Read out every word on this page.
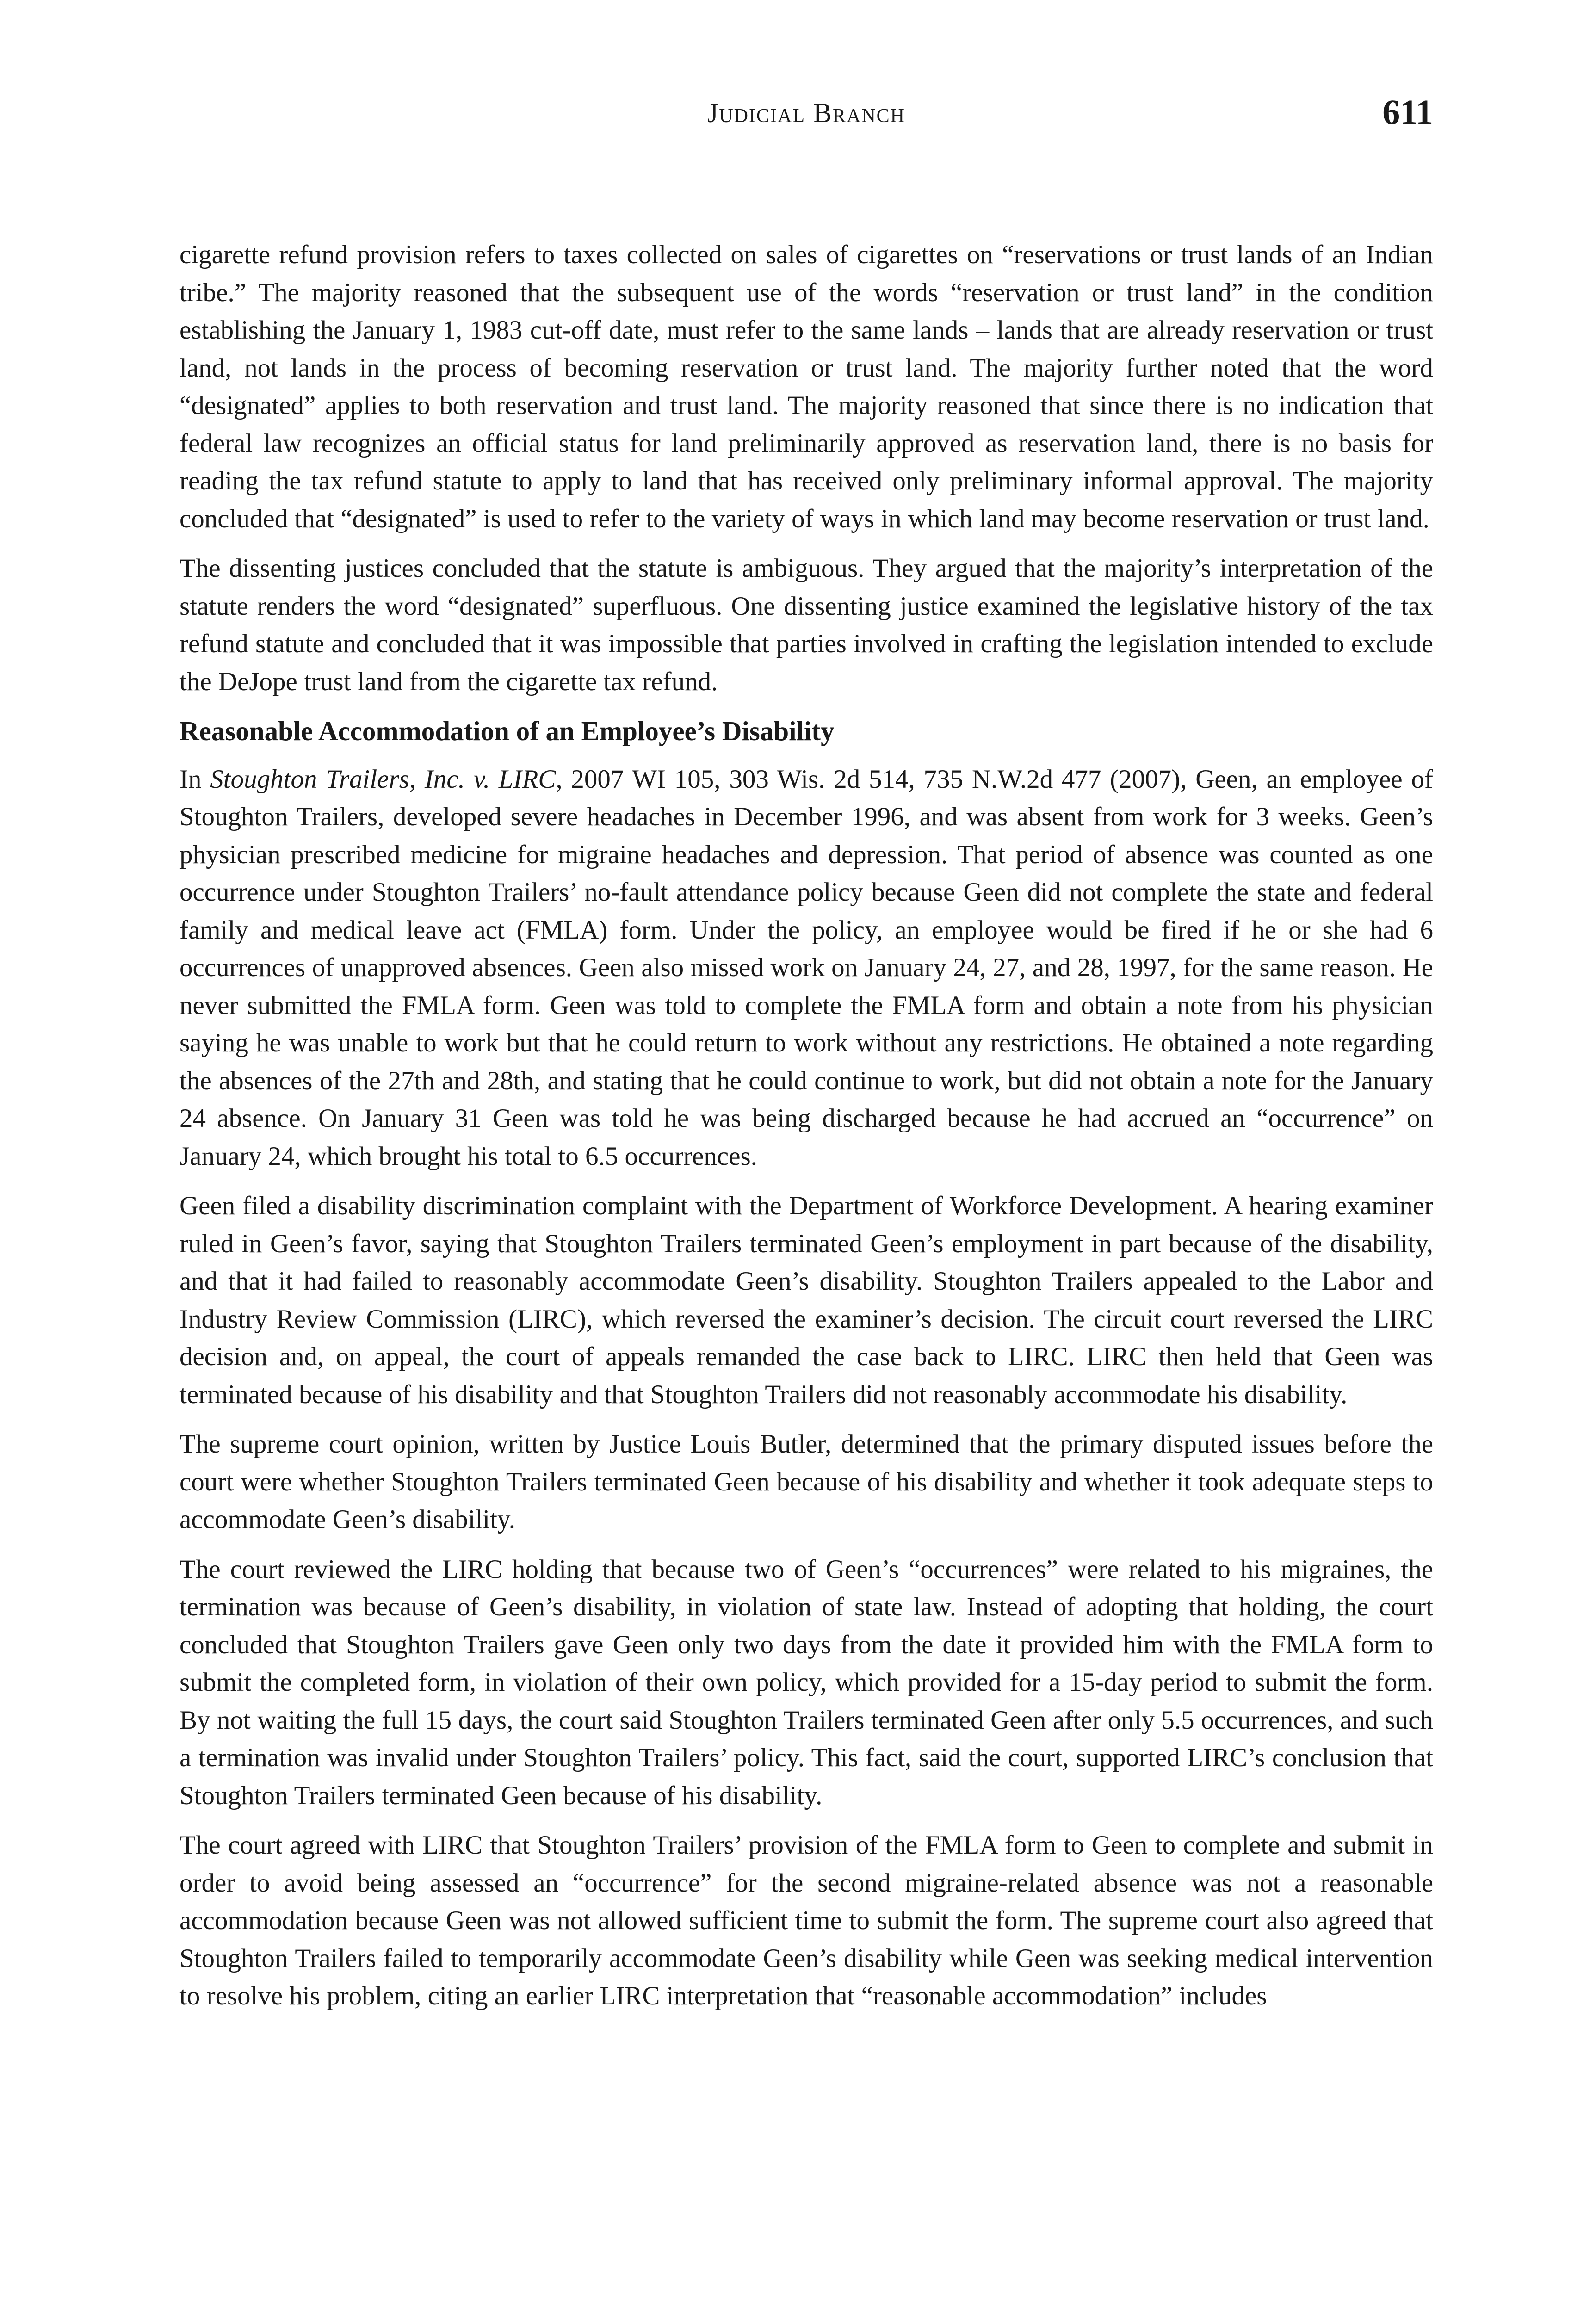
Judicial Branch	611

cigarette refund provision refers to taxes collected on sales of cigarettes on “reservations or trust lands of an Indian tribe.” The majority reasoned that the subsequent use of the words “reservation or trust land” in the condition establishing the January 1, 1983 cut-off date, must refer to the same lands – lands that are already reservation or trust land, not lands in the process of becoming reservation or trust land. The majority further noted that the word “designated” applies to both reservation and trust land. The majority reasoned that since there is no indication that federal law recognizes an official status for land preliminarily approved as reservation land, there is no basis for reading the tax refund statute to apply to land that has received only preliminary informal approval. The majority concluded that “designated” is used to refer to the variety of ways in which land may become reservation or trust land.

The dissenting justices concluded that the statute is ambiguous. They argued that the majority’s interpretation of the statute renders the word “designated” superfluous. One dissenting justice examined the legislative history of the tax refund statute and concluded that it was impossible that parties involved in crafting the legislation intended to exclude the DeJope trust land from the cigarette tax refund.

Reasonable Accommodation of an Employee’s Disability

In Stoughton Trailers, Inc. v. LIRC, 2007 WI 105, 303 Wis. 2d 514, 735 N.W.2d 477 (2007), Geen, an employee of Stoughton Trailers, developed severe headaches in December 1996, and was absent from work for 3 weeks. Geen’s physician prescribed medicine for migraine headaches and depression. That period of absence was counted as one occurrence under Stoughton Trailers’ no-fault attendance policy because Geen did not complete the state and federal family and medical leave act (FMLA) form. Under the policy, an employee would be fired if he or she had 6 occurrences of unapproved absences. Geen also missed work on January 24, 27, and 28, 1997, for the same reason. He never submitted the FMLA form. Geen was told to complete the FMLA form and obtain a note from his physician saying he was unable to work but that he could return to work without any restrictions. He obtained a note regarding the absences of the 27th and 28th, and stating that he could continue to work, but did not obtain a note for the January 24 absence. On January 31 Geen was told he was being discharged because he had accrued an “occurrence” on January 24, which brought his total to 6.5 occurrences.

Geen filed a disability discrimination complaint with the Department of Workforce Development. A hearing examiner ruled in Geen’s favor, saying that Stoughton Trailers terminated Geen’s employment in part because of the disability, and that it had failed to reasonably accommodate Geen’s disability. Stoughton Trailers appealed to the Labor and Industry Review Commission (LIRC), which reversed the examiner’s decision. The circuit court reversed the LIRC decision and, on appeal, the court of appeals remanded the case back to LIRC. LIRC then held that Geen was terminated because of his disability and that Stoughton Trailers did not reasonably accommodate his disability.

The supreme court opinion, written by Justice Louis Butler, determined that the primary disputed issues before the court were whether Stoughton Trailers terminated Geen because of his disability and whether it took adequate steps to accommodate Geen’s disability.

The court reviewed the LIRC holding that because two of Geen’s “occurrences” were related to his migraines, the termination was because of Geen’s disability, in violation of state law. Instead of adopting that holding, the court concluded that Stoughton Trailers gave Geen only two days from the date it provided him with the FMLA form to submit the completed form, in violation of their own policy, which provided for a 15-day period to submit the form. By not waiting the full 15 days, the court said Stoughton Trailers terminated Geen after only 5.5 occurrences, and such a termination was invalid under Stoughton Trailers’ policy. This fact, said the court, supported LIRC’s conclusion that Stoughton Trailers terminated Geen because of his disability.

The court agreed with LIRC that Stoughton Trailers’ provision of the FMLA form to Geen to complete and submit in order to avoid being assessed an “occurrence” for the second migraine-related absence was not a reasonable accommodation because Geen was not allowed sufficient time to submit the form. The supreme court also agreed that Stoughton Trailers failed to temporarily accommodate Geen’s disability while Geen was seeking medical intervention to resolve his problem, citing an earlier LIRC interpretation that “reasonable accommodation” includes
